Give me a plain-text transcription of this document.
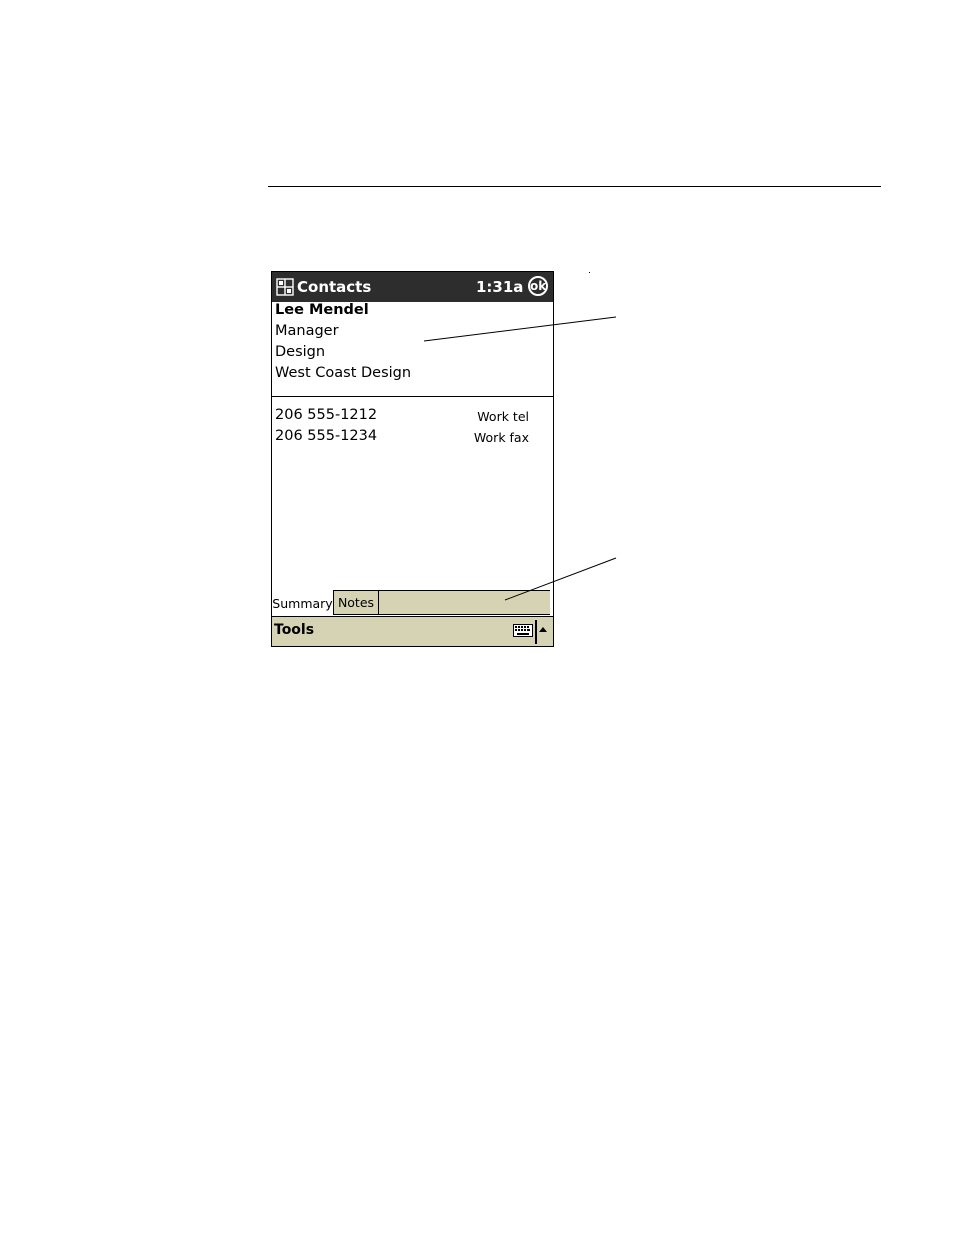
Contacts	1:31a ok
Lee Mendel
Manager
Design
West Coast Design
206 555-1212	Work tel
206 555-1234	Work fax
Summary Notes
Tools
